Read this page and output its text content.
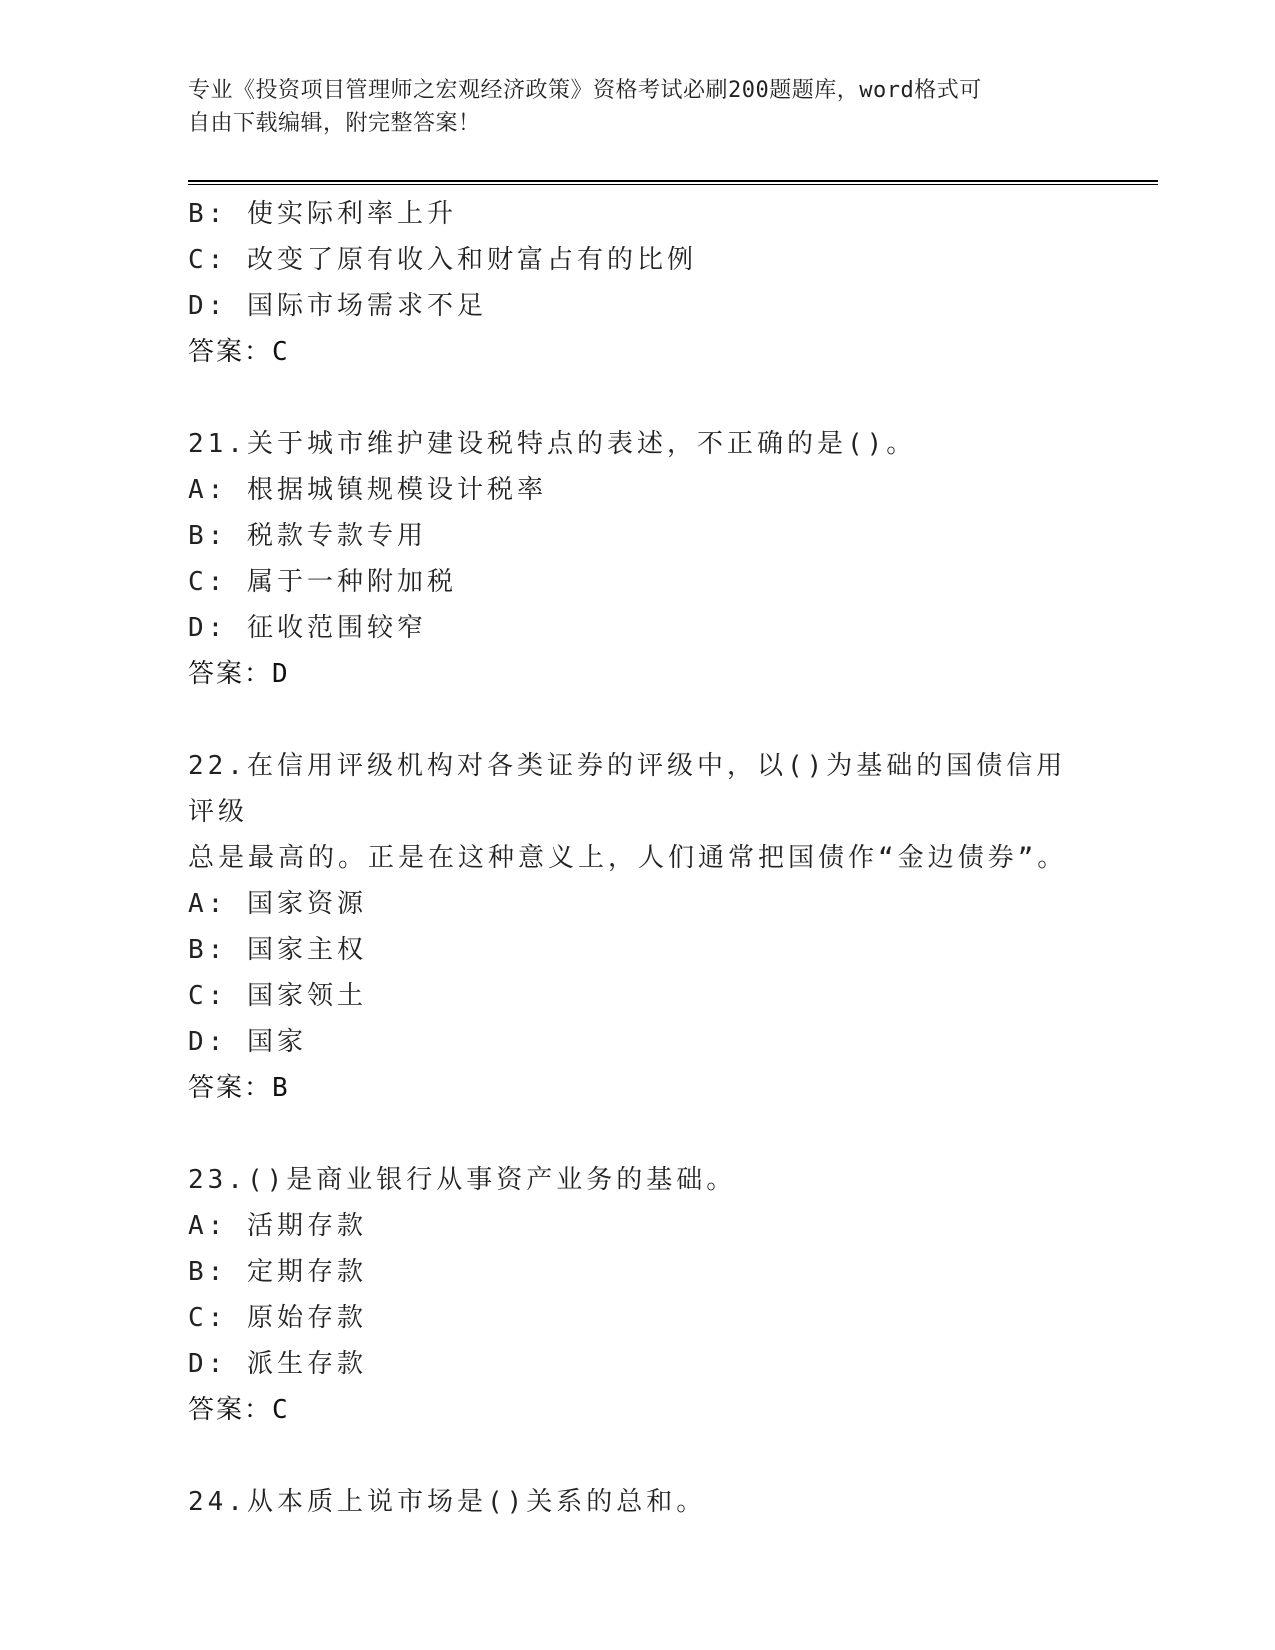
专业《投资项目管理师之宏观经济政策》资格考试必刷200题题库，word格式可
自由下载编辑，附完整答案！
B: 使实际利率上升
C: 改变了原有收入和财富占有的比例
D: 国际市场需求不足
答案：C
21.关于城市维护建设税特点的表述，不正确的是()。
A: 根据城镇规模设计税率
B: 税款专款专用
C: 属于一种附加税
D: 征收范围较窄
答案：D
22.在信用评级机构对各类证券的评级中，以()为基础的国债信用评级
总是最高的。正是在这种意义上，人们通常把国债作“金边债券”。
A: 国家资源
B: 国家主权
C: 国家领土
D: 国家
答案：B
23.()是商业银行从事资产业务的基础。
A: 活期存款
B: 定期存款
C: 原始存款
D: 派生存款
答案：C
24.从本质上说市场是()关系的总和。
